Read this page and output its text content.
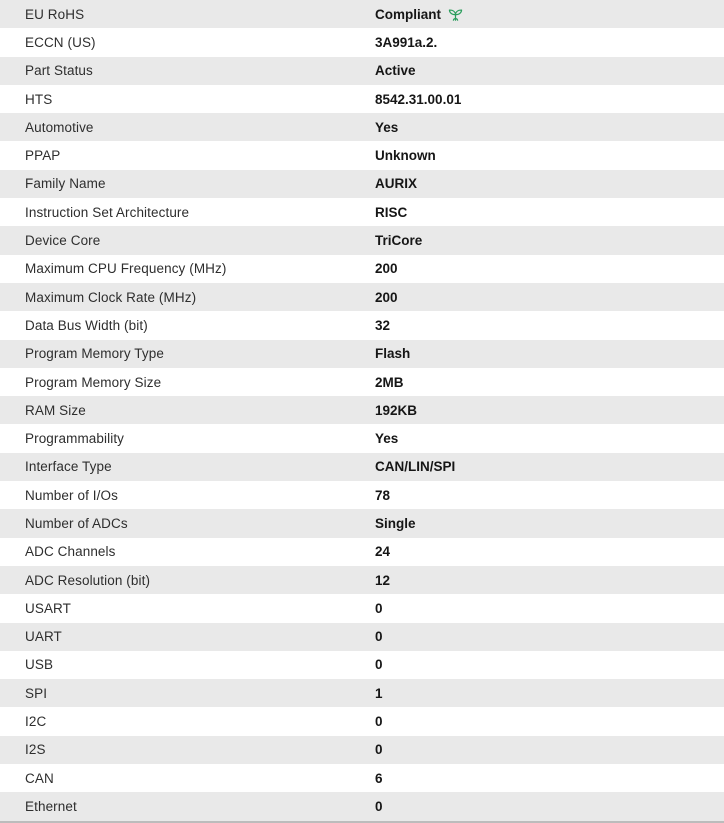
EU RoHS	Compliant
ECCN (US)	3A991a.2.
Part Status	Active
HTS	8542.31.00.01
Automotive	Yes
PPAP	Unknown
Family Name	AURIX
Instruction Set Architecture	RISC
Device Core	TriCore
Maximum CPU Frequency (MHz)	200
Maximum Clock Rate (MHz)	200
Data Bus Width (bit)	32
Program Memory Type	Flash
Program Memory Size	2MB
RAM Size	192KB
Programmability	Yes
Interface Type	CAN/LIN/SPI
Number of I/Os	78
Number of ADCs	Single
ADC Channels	24
ADC Resolution (bit)	12
USART	0
UART	0
USB	0
SPI	1
I2C	0
I2S	0
CAN	6
Ethernet	0
